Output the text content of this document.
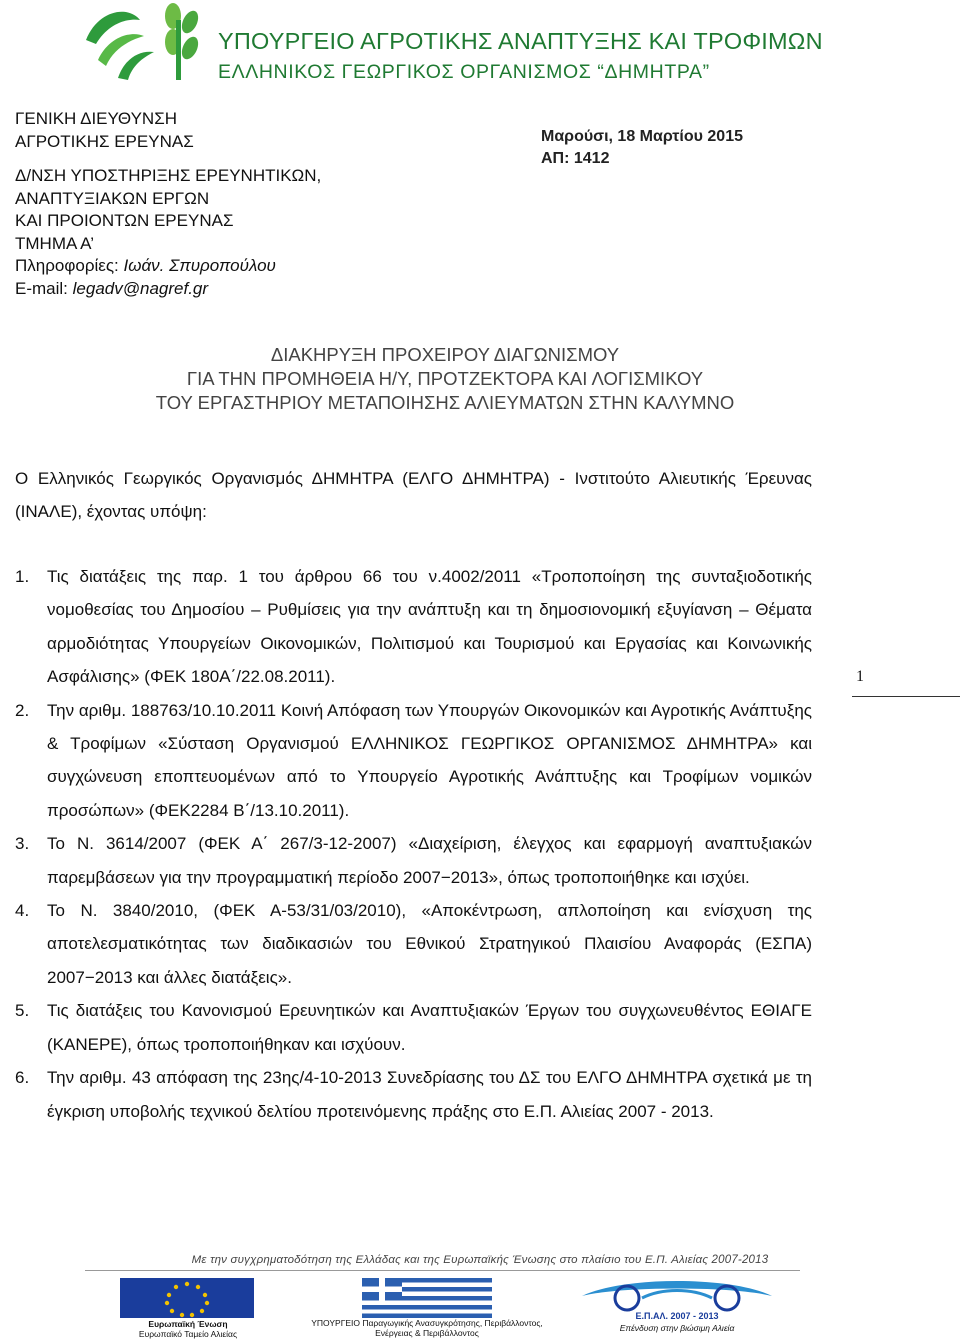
ΥΠΟΥΡΓΕΙΟ ΑΓΡΟΤΙΚΗΣ ΑΝΑΠΤΥΞΗΣ ΚΑΙ ΤΡΟΦΙΜΩΝ
ΕΛΛΗΝΙΚΟΣ ΓΕΩΡΓΙΚΟΣ ΟΡΓΑΝΙΣΜΟΣ “ΔΗΜΗΤΡΑ”
ΓΕΝΙΚΗ ΔΙΕΥΘΥΝΣΗ
ΑΓΡΟΤΙΚΗΣ ΕΡΕΥΝΑΣ
Δ/ΝΣΗ ΥΠΟΣΤΗΡΙΞΗΣ ΕΡΕΥΝΗΤΙΚΩΝ,
ΑΝΑΠΤΥΞΙΑΚΩΝ ΕΡΓΩΝ
ΚΑΙ ΠΡΟΙΟΝΤΩΝ ΕΡΕΥΝΑΣ
ΤΜΗΜΑ Α’
Πληροφορίες: Ιωάν. Σπυροπούλου
E-mail: legadv@nagref.gr
Μαρούσι, 18 Μαρτίου 2015
ΑΠ: 1412
ΔΙΑΚΗΡΥΞΗ ΠΡΟΧΕΙΡΟΥ ΔΙΑΓΩΝΙΣΜΟΥ
ΓΙΑ ΤΗΝ ΠΡΟΜΗΘΕΙΑ Η/Υ, ΠΡΟΤΖΕΚΤΟΡΑ ΚΑΙ ΛΟΓΙΣΜΙΚΟΥ
ΤΟΥ ΕΡΓΑΣΤΗΡΙΟΥ ΜΕΤΑΠΟΙΗΣΗΣ ΑΛΙΕΥΜΑΤΩΝ ΣΤΗΝ ΚΑΛΥΜΝΟ
Ο Ελληνικός Γεωργικός Οργανισμός ΔΗΜΗΤΡΑ (ΕΛΓΟ ΔΗΜΗΤΡΑ) - Ινστιτούτο Αλιευτικής Έρευνας (ΙΝΑΛΕ), έχοντας υπόψη:
1. Τις διατάξεις της παρ. 1 του άρθρου 66 του ν.4002/2011 «Τροποποίηση της συνταξιοδοτικής νομοθεσίας του Δημοσίου – Ρυθμίσεις για την ανάπτυξη και τη δημοσιονομική εξυγίανση – Θέματα αρμοδιότητας Υπουργείων Οικονομικών, Πολιτισμού και Τουρισμού και Εργασίας και Κοινωνικής Ασφάλισης» (ΦΕΚ 180Α΄/22.08.2011).
2. Την αριθμ. 188763/10.10.2011 Κοινή Απόφαση των Υπουργών Οικονομικών και Αγροτικής Ανάπτυξης & Τροφίμων «Σύσταση Οργανισμού ΕΛΛΗΝΙΚΟΣ ΓΕΩΡΓΙΚΟΣ ΟΡΓΑΝΙΣΜΟΣ ΔΗΜΗΤΡΑ» και συγχώνευση εποπτευομένων από το Υπουργείο Αγροτικής Ανάπτυξης και Τροφίμων νομικών προσώπων» (ΦΕΚ2284 Β΄/13.10.2011).
3. Το Ν. 3614/2007 (ΦΕΚ Α΄ 267/3-12-2007) «Διαχείριση, έλεγχος και εφαρμογή αναπτυξιακών παρεμβάσεων για την προγραμματική περίοδο 2007−2013», όπως τροποποιήθηκε και ισχύει.
4. Το Ν. 3840/2010, (ΦΕΚ Α-53/31/03/2010), «Αποκέντρωση, απλοποίηση και ενίσχυση της αποτελεσματικότητας των διαδικασιών του Εθνικού Στρατηγικού Πλαισίου Αναφοράς (ΕΣΠΑ) 2007−2013 και άλλες διατάξεις».
5. Τις διατάξεις του Κανονισμού Ερευνητικών και Αναπτυξιακών Έργων του συγχωνευθέντος ΕΘΙΑΓΕ (ΚΑΝΕΡΕ), όπως τροποποιήθηκαν και ισχύουν.
6. Την αριθμ. 43 απόφαση της 23ης/4-10-2013 Συνεδρίασης του ΔΣ του ΕΛΓΟ ΔΗΜΗΤΡΑ σχετικά με τη έγκριση υποβολής τεχνικού δελτίου προτεινόμενης πράξης στο Ε.Π. Αλιείας 2007 - 2013.
1
Με την συγχρηματοδότηση της Ελλάδας και της Ευρωπαϊκής Ένωσης στο πλαίσιο του Ε.Π. Αλιείας 2007-2013
Ευρωπαϊκή Ένωση
Ευρωπαϊκό Ταμείο Αλιείας
ΥΠΟΥΡΓΕΙΟ Παραγωγικής Ανασυγκρότησης, Περιβάλλοντος,
Ενέργειας & Περιβάλλοντος
Ε.Π.ΑΛ. 2007 - 2013
Επένδυση στην βιώσιμη Αλιεία
